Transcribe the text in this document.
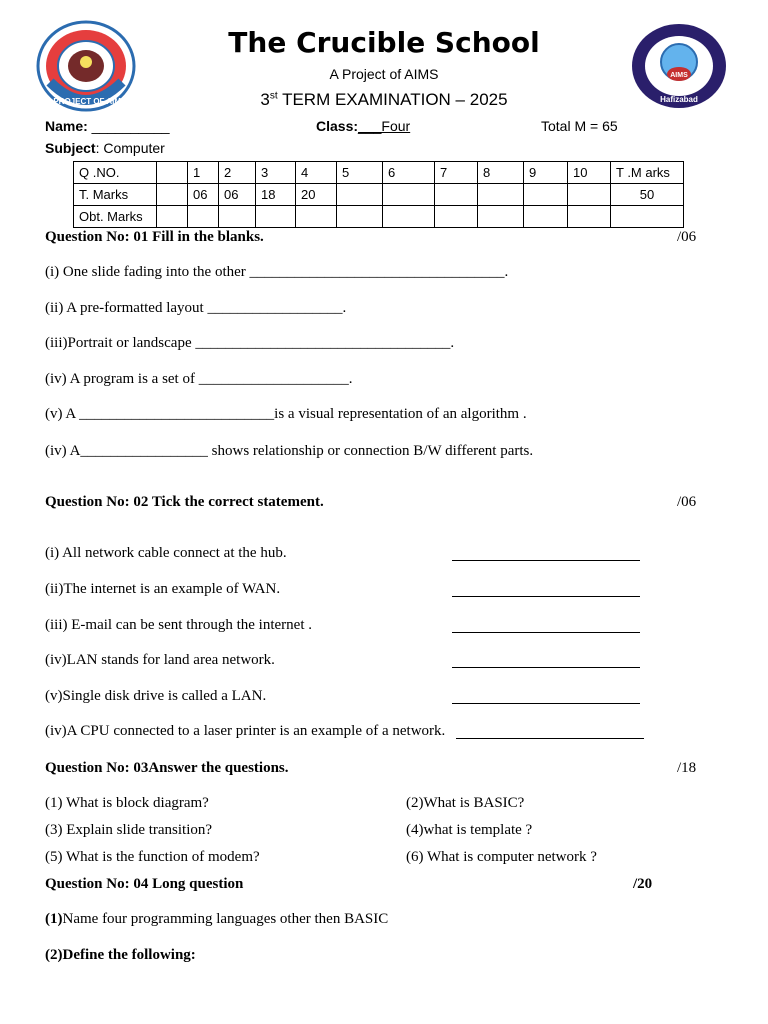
A PROJECT OF AIMS
AIMS
Hafizabad
The Crucible School
A Project of AIMS
3st TERM EXAMINATION – 2025
Name: __________	Class:___Four	Total M = 65
Subject: Computer
Q .NO.		1	2	3	4	5	6	7	8	9	10	T .M arks
T. Marks		06	06	18	20							50
Obt. Marks												
Question No: 01 Fill in the blanks.	/06
(i) One slide fading into the other __________________________________.
(ii) A pre-formatted layout __________________.
(iii)Portrait or landscape __________________________________.
(iv) A program is a set of ____________________.
(v) A __________________________is a visual representation of an algorithm .
(iv) A_________________ shows relationship or connection B/W different parts.
Question No: 02 Tick the correct statement.	/06
(i) All network cable connect at the hub.
(ii)The internet is an example of WAN.
(iii) E-mail can be sent through the internet .
(iv)LAN stands for land area network.
(v)Single disk drive is called a LAN.
(iv)A CPU connected to a laser printer is an example of a network.
Question No: 03Answer the questions.	/18
(1) What is block diagram?	(2)What is BASIC?
(3) Explain slide transition?	(4)what is template ?
(5) What is the function of modem?	(6) What is computer network ?
Question No: 04 Long question	/20
(1)Name four programming languages other then BASIC
(2)Define the following:
